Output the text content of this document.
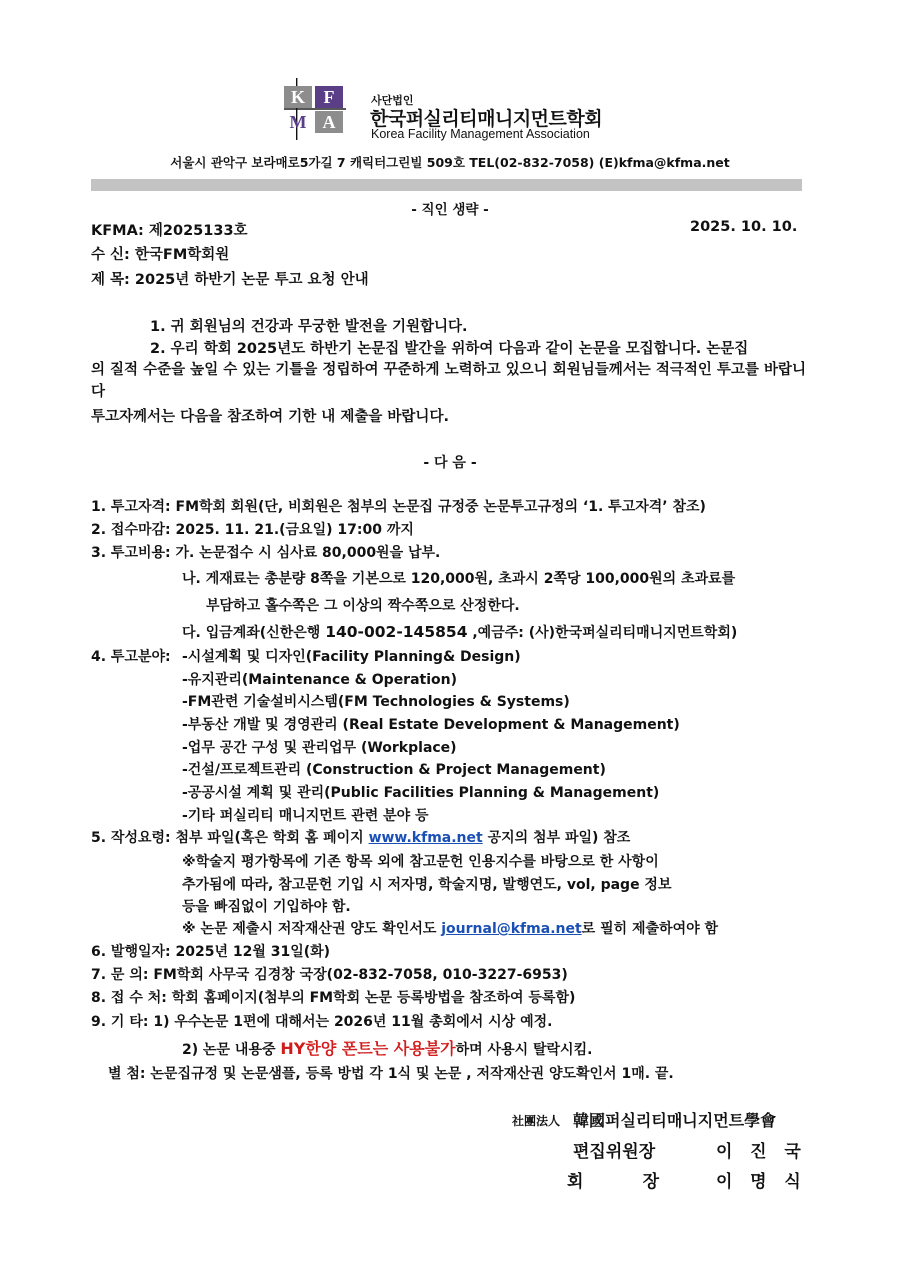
K F
M A
사단법인
한국퍼실리티매니지먼트학회
Korea Facility Management Association
서울시 관악구 보라매로5가길 7 캐릭터그린빌 509호 TEL(02-832-7058) (E)kfma@kfma.net
- 직인 생략 -
KFMA: 제2025133호	2025. 10. 10.
수 신: 한국FM학회원
제 목: 2025년 하반기 논문 투고 요청 안내
1. 귀 회원님의 건강과 무궁한 발전을 기원합니다.
2. 우리 학회 2025년도 하반기 논문집 발간을 위하여 다음과 같이 논문을 모집합니다. 논문집
의 질적 수준을 높일 수 있는 기틀을 정립하여 꾸준하게 노력하고 있으니 회원님들께서는 적극적인 투고를 바랍니다
투고자께서는 다음을 참조하여 기한 내 제출을 바랍니다.
- 다 음 -
1. 투고자격: FM학회 회원(단, 비회원은 첨부의 논문집 규정중 논문투고규정의 ‘1. 투고자격’ 참조)
2. 접수마감: 2025. 11. 21.(금요일) 17:00 까지
3. 투고비용: 가. 논문접수 시 심사료 80,000원을 납부.
나. 게재료는 총분량 8쪽을 기본으로 120,000원, 초과시 2쪽당 100,000원의 초과료를
부담하고 홀수쪽은 그 이상의 짝수쪽으로 산정한다.
다. 입금계좌(신한은행 140-002-145854 ,예금주: (사)한국퍼실리티매니지먼트학회)
4. 투고분야: -시설계획 및 디자인(Facility Planning& Design)
-유지관리(Maintenance & Operation)
-FM관련 기술설비시스템(FM Technologies & Systems)
-부동산 개발 및 경영관리 (Real Estate Development & Management)
-업무 공간 구성 및 관리업무 (Workplace)
-건설/프로젝트관리 (Construction & Project Management)
-공공시설 계획 및 관리(Public Facilities Planning & Management)
-기타 퍼실리티 매니지먼트 관련 분야 등
5. 작성요령: 첨부 파일(혹은 학회 홈 페이지 www.kfma.net 공지의 첨부 파일) 참조
※학술지 평가항목에 기존 항목 외에 참고문헌 인용지수를 바탕으로 한 사항이
추가됨에 따라, 참고문헌 기입 시 저자명, 학술지명, 발행연도, vol, page 정보
등을 빠짐없이 기입하야 함.
※ 논문 제출시 저작재산권 양도 확인서도 journal@kfma.net로 필히 제출하여야 함
6. 발행일자: 2025년 12월 31일(화)
7. 문 의: FM학회 사무국 김경창 국장(02-832-7058, 010-3227-6953)
8. 접 수 처: 학회 홈페이지(첨부의 FM학회 논문 등록방법을 참조하여 등록함)
9. 기 타: 1) 우수논문 1편에 대해서는 2026년 11월 총회에서 시상 예정.
2) 논문 내용중 HY한양 폰트는 사용불가하며 사용시 탈락시킴.
별 첨: 논문집규정 및 논문샘플, 등록 방법 각 1식 및 논문 , 저작재산권 양도확인서 1매. 끝.
社團法人 韓國퍼실리티매니지먼트學會
편집위원장	이   진   국
회          장	이   명   식
